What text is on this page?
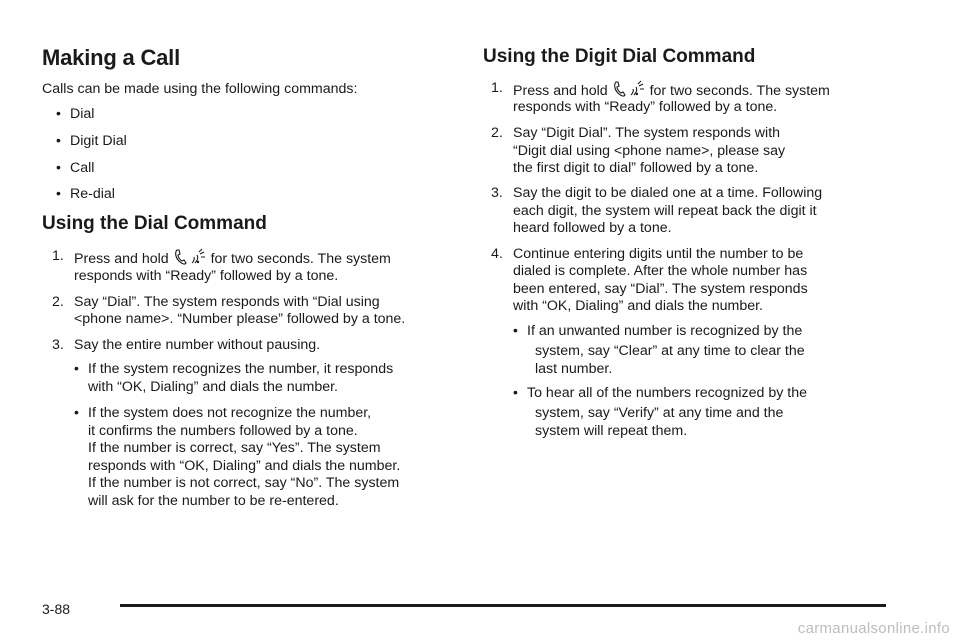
Making a Call
Calls can be made using the following commands:
• Dial
• Digit Dial
• Call
• Re-dial
Using the Dial Command
1. Press and hold	for two seconds. The system
responds with “Ready” followed by a tone.
2. Say “Dial”. The system responds with “Dial using
<phone name>. “Number please” followed by a tone.
3. Say the entire number without pausing.
• If the system recognizes the number, it responds
with “OK, Dialing” and dials the number.
• If the system does not recognize the number,
it confirms the numbers followed by a tone.
If the number is correct, say “Yes”. The system
responds with “OK, Dialing” and dials the number.
If the number is not correct, say “No”. The system
will ask for the number to be re-entered.
Using the Digit Dial Command
1. Press and hold	for two seconds. The system
responds with “Ready” followed by a tone.
2. Say “Digit Dial”. The system responds with
“Digit dial using <phone name>, please say
the first digit to dial” followed by a tone.
3. Say the digit to be dialed one at a time. Following
each digit, the system will repeat back the digit it
heard followed by a tone.
4. Continue entering digits until the number to be
dialed is complete. After the whole number has
been entered, say “Dial”. The system responds
with “OK, Dialing” and dials the number.
• If an unwanted number is recognized by the
system, say “Clear” at any time to clear the
last number.
• To hear all of the numbers recognized by the
system, say “Verify” at any time and the
system will repeat them.
3-88
carmanualsonline.info
